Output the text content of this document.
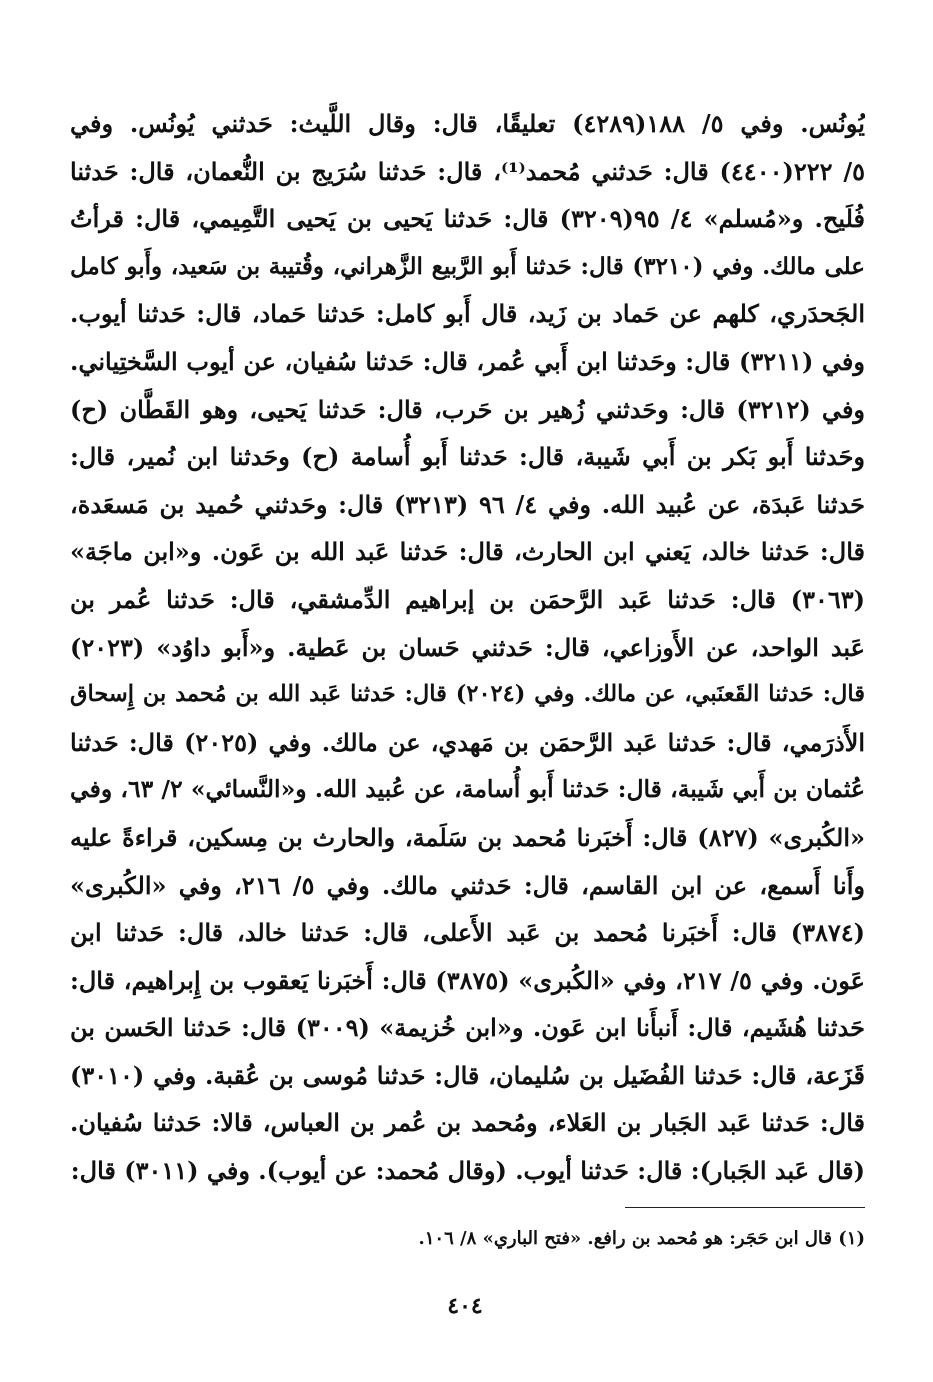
يُونُس. وفي ٥/ ١٨٨(٤٢٨٩) تعليقًا، قال: وقال اللَّيث: حَدثني يُونُس. وفي
٥/ ٢٢٢(٤٤٠٠) قال: حَدثني مُحمد⁽¹⁾، قال: حَدثنا سُرَيج بن النُّعمان، قال: حَدثنا
فُلَيح. و«مُسلم» ٤/ ٩٥(٣٢٠٩) قال: حَدثنا يَحيى بن يَحيى التَّمِيمي، قال: قرأتُ
على مالك. وفي (٣٢١٠) قال: حَدثنا أَبو الرَّبيع الزَّهراني، وقُتيبة بن سَعيد، وأَبو كامل
الجَحدَري، كلهم عن حَماد بن زَيد، قال أَبو كامل: حَدثنا حَماد، قال: حَدثنا أيوب.
وفي (٣٢١١) قال: وحَدثنا ابن أَبي عُمر، قال: حَدثنا سُفيان، عن أيوب السَّختِياني.
وفي (٣٢١٢) قال: وحَدثني زُهير بن حَرب، قال: حَدثنا يَحيى، وهو القَطَّان (ح)
وحَدثنا أَبو بَكر بن أَبي شَيبة، قال: حَدثنا أَبو أُسامة (ح) وحَدثنا ابن نُمير، قال:
حَدثنا عَبدَة، عن عُبيد الله. وفي ٤/ ٩٦ (٣٢١٣) قال: وحَدثني حُميد بن مَسعَدة،
قال: حَدثنا خالد، يَعني ابن الحارث، قال: حَدثنا عَبد الله بن عَون. و«ابن ماجَة»
(٣٠٦٣) قال: حَدثنا عَبد الرَّحمَن بن إبراهيم الدِّمشقي، قال: حَدثنا عُمر بن
عَبد الواحد، عن الأَوزاعي، قال: حَدثني حَسان بن عَطية. و«أَبو داوُد» (٢٠٢٣)
قال: حَدثنا القَعنَبي، عن مالك. وفي (٢٠٢٤) قال: حَدثنا عَبد الله بن مُحمد بن إِسحاق
الأَذرَمي، قال: حَدثنا عَبد الرَّحمَن بن مَهدي، عن مالك. وفي (٢٠٢٥) قال: حَدثنا
عُثمان بن أَبي شَيبة، قال: حَدثنا أَبو أُسامة، عن عُبيد الله. و«النَّسائي» ٢/ ٦٣، وفي
«الكُبرى» (٨٢٧) قال: أَخبَرنا مُحمد بن سَلَمة، والحارث بن مِسكين، قراءةً عليه
وأَنا أَسمع، عن ابن القاسم، قال: حَدثني مالك. وفي ٥/ ٢١٦، وفي «الكُبرى»
(٣٨٧٤) قال: أَخبَرنا مُحمد بن عَبد الأَعلى، قال: حَدثنا خالد، قال: حَدثنا ابن
عَون. وفي ٥/ ٢١٧، وفي «الكُبرى» (٣٨٧٥) قال: أَخبَرنا يَعقوب بن إِبراهيم، قال:
حَدثنا هُشَيم، قال: أَنبأَنا ابن عَون. و«ابن خُزيمة» (٣٠٠٩) قال: حَدثنا الحَسن بن
قَزَعة، قال: حَدثنا الفُضَيل بن سُليمان، قال: حَدثنا مُوسى بن عُقبة. وفي (٣٠١٠)
قال: حَدثنا عَبد الجَبار بن العَلاء، ومُحمد بن عُمر بن العباس، قالا: حَدثنا سُفيان.
(قال عَبد الجَبار): قال: حَدثنا أيوب. (وقال مُحمد: عن أيوب). وفي (٣٠١١) قال:
(١) قال ابن حَجَر: هو مُحمد بن رافع. «فتح الباري» ٨/ ١٠٦.
٤٠٤
